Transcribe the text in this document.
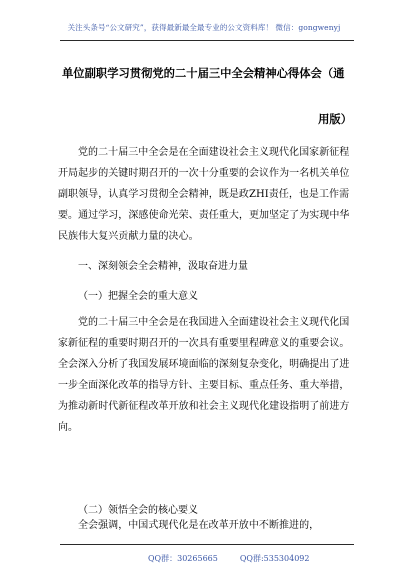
关注头条号“公文研究”，获得最新最全最专业的公文资料库！ 微信：gongwenyj
单位副职学习贯彻党的二十届三中全会精神心得体会（通
用版）

党的二十届三中全会是在全面建设社会主义现代化国家新征程开局起步的关键时期召开的一次十分重要的会议作为一名机关单位副职领导，认真学习贯彻全会精神，既是政ZHI责任，也是工作需要。通过学习，深感使命光荣、责任重大，更加坚定了为实现中华民族伟大复兴贡献力量的决心。

一、深刻领会全会精神，汲取奋进力量
（一）把握全会的重大意义

党的二十届三中全会是在我国进入全面建设社会主义现代化国家新征程的重要时期召开的一次具有重要里程碑意义的重要会议。全会深入分析了我国发展环境面临的深刻复杂变化，明确提出了进一步全面深化改革的指导方针、主要目标、重点任务、重大举措，为推动新时代新征程改革开放和社会主义现代化建设指明了前进方向。

（二）领悟全会的核心要义

全会强调，中国式现代化是在改革开放中不断推进的，

QQ群：30265665	QQ群:535304092
